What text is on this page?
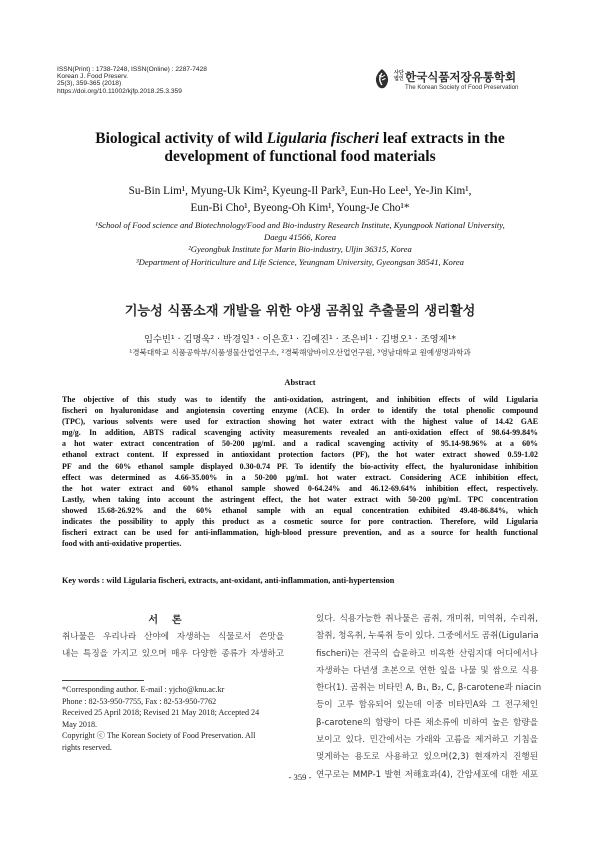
ISSN(Print) : 1738-7248, ISSN(Online) : 2287-7428
Korean J. Food Preserv.
25(3), 359-365 (2018)
https://doi.org/10.11002/kjfp.2018.25.3.359
사단법인 한국식품저장유통학회
The Korean Society of Food Preservation
Biological activity of wild Ligularia fischeri leaf extracts in the
development of functional food materials
Su-Bin Lim¹, Myung-Uk Kim², Kyeung-Il Park³, Eun-Ho Lee¹, Ye-Jin Kim¹,
Eun-Bi Cho¹, Byeong-Oh Kim¹, Young-Je Cho¹*
¹School of Food science and Biotechnology/Food and Bio-industry Research Institute, Kyungpook National University,
Daegu 41566, Korea
²Gyeongbuk Institute for Marin Bio-industry, Uljin 36315, Korea
³Department of Horiticulture and Life Science, Yeungnam University, Gyeongsan 38541, Korea
기능성 식품소재 개발을 위한 야생 곰취잎 추출물의 생리활성
임수빈¹ · 김명욱² · 박경일³ · 이은호¹ · 김예진¹ · 조은비¹ · 김병오¹ · 조영제¹*
¹경북대학교 식품공학부/식품생물산업연구소, ²경북해양바이오산업연구원, ³영남대학교 원예생명과학과
Abstract
The objective of this study was to identify the anti-oxidation, astringent, and inhibition effects of wild Ligularia
fischeri on hyaluronidase and angiotensin coverting enzyme (ACE). In order to identify the total phenolic compound
(TPC), various solvents were used for extraction showing hot water extract with the highest value of 14.42 GAE
mg/g. In addition, ABTS radical scavenging activity measurements revealed an anti-oxidation effect of 98.64-99.84%
a hot water extract concentration of 50-200 μg/mL and a radical scavenging activity of 95.14-98.96% at a 60%
ethanol extract content. If expressed in antioxidant protection factors (PF), the hot water extract showed 0.59-1.02
PF and the 60% ethanol sample displayed 0.30-0.74 PF. To identify the bio-activity effect, the hyaluronidase inhibition
effect was determined as 4.66-35.00% in a 50-200 μg/mL hot water extract. Considering ACE inhibition effect,
the hot water extract and 60% ethanol sample showed 0-64.24% and 46.12-69.64% inhibition effect, respectively.
Lastly, when taking into account the astringent effect, the hot water extract with 50-200 μg/mL TPC concentration
showed 15.68-26.92% and the 60% ethanol sample with an equal concentration exhibited 49.48-86.84%, which
indicates the possibility to apply this product as a cosmetic source for pore contraction. Therefore, wild Ligularia
fischeri extract can be used for anti-inflammation, high-blood pressure prevention, and as a source for health functional
food with anti-oxidative properties.
Key words : wild Ligularia fischeri, extracts, ant-oxidant, anti-inflammation, anti-hypertension
서론
취나물은 우리나라 산야에 자생하는 식물로서 쓴맛을
내는 특징을 가지고 있으며 매우 다양한 종류가 자생하고
*Corresponding author. E-mail : yjcho@knu.ac.kr
Phone : 82-53-950-7755, Fax : 82-53-950-7762
Received 25 April 2018; Revised 21 May 2018; Accepted 24
May 2018.
Copyright ⓒ The Korean Society of Food Preservation. All
rights reserved.
있다. 식용가능한 취나물은 곰취, 개미취, 미역취, 수리취,
참취, 청옥취, 누룩취 등이 있다. 그중에서도 곰취(Ligularia
fischeri)는 전국의 습윤하고 비옥한 산림지대 어디에서나
자생하는 다년생 초본으로 연한 잎을 나물 및 쌈으로 식용
한다(1). 곰취는 비타민 A, B₁, B₂, C, β-carotene과 niacin
등이 고루 함유되어 있는데 이중 비타민A와 그 전구체인
β-carotene의 함량이 다른 채소류에 비하여 높은 함량을
보이고 있다. 민간에서는 가래와 고름을 제거하고 기침을
멎게하는 용도로 사용하고 있으며(2,3) 현재까지 진행된
연구로는 MMP-1 발현 저해효과(4), 간암세포에 대한 세포
- 359 -
